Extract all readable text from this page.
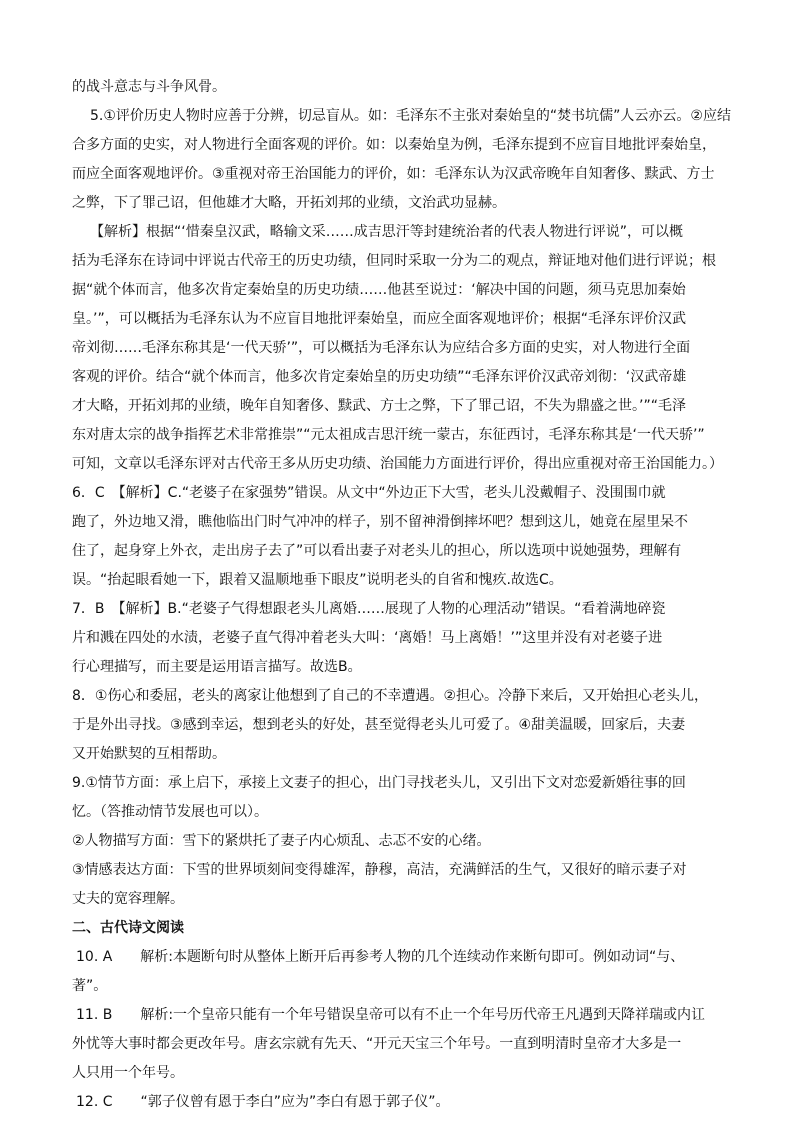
的战斗意志与斗争风骨。
5.①评价历史人物时应善于分辨，切忌盲从。如：毛泽东不主张对秦始皇的“焚书坑儒”人云亦云。②应结
合多方面的史实，对人物进行全面客观的评价。如：以秦始皇为例，毛泽东提到不应盲目地批评秦始皇，
而应全面客观地评价。③重视对帝王治国能力的评价，如：毛泽东认为汉武帝晚年自知奢侈、黩武、方士
之弊，下了罪己诏，但他雄才大略，开拓刘邦的业绩，文治武功显赫。
【解析】根据“‘惜秦皇汉武，略输文采……成吉思汗等封建统治者的代表人物进行评说”，可以概
括为毛泽东在诗词中评说古代帝王的历史功绩，但同时采取一分为二的观点，辩证地对他们进行评说；根
据“就个体而言，他多次肯定秦始皇的历史功绩……他甚至说过：‘解决中国的问题，须马克思加秦始
皇。’”，可以概括为毛泽东认为不应盲目地批评秦始皇，而应全面客观地评价；根据“毛泽东评价汉武
帝刘彻……毛泽东称其是‘一代天骄’”，可以概括为毛泽东认为应结合多方面的史实，对人物进行全面
客观的评价。结合“就个体而言，他多次肯定秦始皇的历史功绩”“毛泽东评价汉武帝刘彻：‘汉武帝雄
才大略，开拓刘邦的业绩，晚年自知奢侈、黩武、方士之弊，下了罪己诏，不失为鼎盛之世。’”“毛泽
东对唐太宗的战争指挥艺术非常推崇”“元太祖成吉思汗统一蒙古，东征西讨，毛泽东称其是‘一代天骄’”
可知，文章以毛泽东评对古代帝王多从历史功绩、治国能力方面进行评价，得出应重视对帝王治国能力。）
6．C　【解析】C.“老婆子在家强势”错误。从文中“外边正下大雪，老头儿没戴帽子、没围围巾就
跑了，外边地又滑，瞧他临出门时气冲冲的样子，别不留神滑倒摔坏吧？想到这儿，她竟在屋里呆不
住了，起身穿上外衣，走出房子去了”可以看出妻子对老头儿的担心，所以选项中说她强势，理解有
误。“抬起眼看她一下，跟着又温顺地垂下眼皮”说明老头的自省和愧疚.故选C。
7．B　【解析】B.“老婆子气得想跟老头儿离婚……展现了人物的心理活动”错误。“看着满地碎瓷
片和溅在四处的水渍，老婆子直气得冲着老头大叫：‘离婚！马上离婚！’”这里并没有对老婆子进
行心理描写，而主要是运用语言描写。故选B。
8．①伤心和委屈，老头的离家让他想到了自己的不幸遭遇。②担心。冷静下来后，又开始担心老头儿，
于是外出寻找。③感到幸运，想到老头的好处，甚至觉得老头儿可爱了。④甜美温暖，回家后，夫妻
又开始默契的互相帮助。
9.①情节方面：承上启下，承接上文妻子的担心，出门寻找老头儿，又引出下文对恋爱新婚往事的回
忆。（答推动情节发展也可以）。
②人物描写方面：雪下的紧烘托了妻子内心烦乱、忐忑不安的心绪。
③情感表达方面：下雪的世界顷刻间变得雄浑，静穆，高洁，充满鲜活的生气，又很好的暗示妻子对
丈夫的宽容理解。
二、古代诗文阅读
10. A　　解析:本题断句时从整体上断开后再参考人物的几个连续动作来断句即可。例如动词“与、
著”。
11. B　　解析:一个皇帝只能有一个年号错误皇帝可以有不止一个年号历代帝王凡遇到天降祥瑞或内讧
外忧等大事时都会更改年号。唐玄宗就有先天、“开元天宝三个年号。一直到明清时皇帝才大多是一
人只用一个年号。
12. C　　“郭子仪曾有恩于李白”应为”李白有恩于郭子仪”。
